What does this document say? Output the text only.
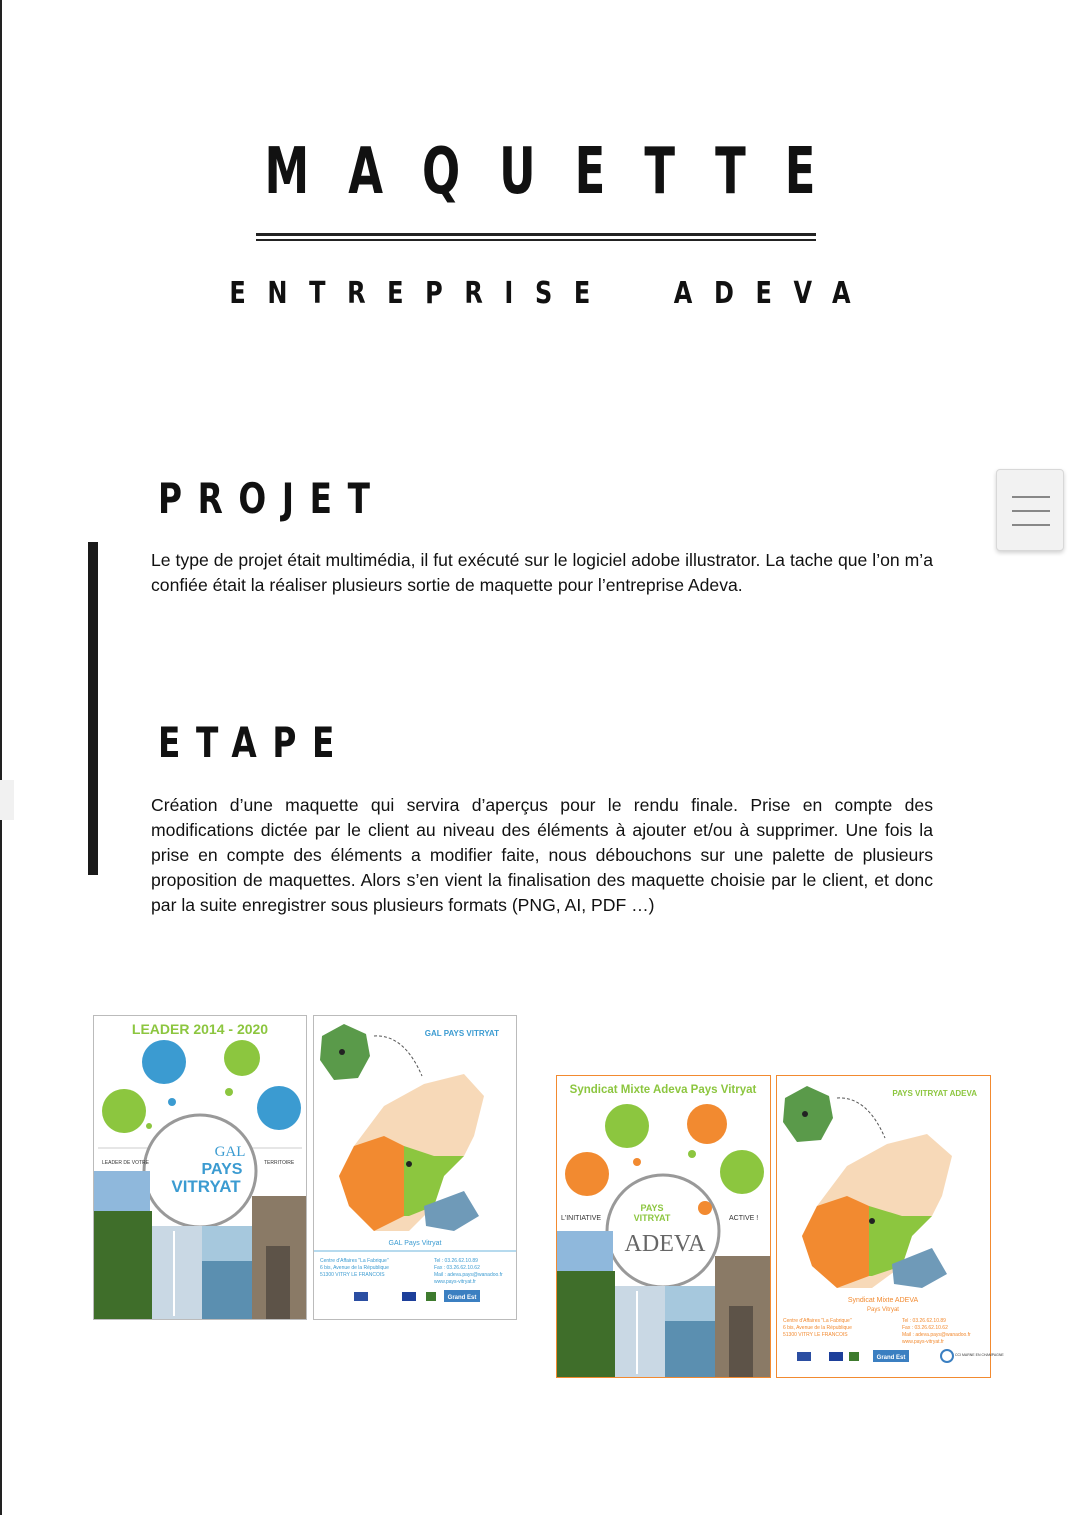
MAQUETTE
ENTREPRISE ADEVA
PROJET
Le type de projet était multimédia, il fut exécuté sur le logiciel adobe illustrator. La tache que l’on m’a confiée était la réaliser plusieurs sortie de maquette pour l’entreprise Adeva.
ETAPE
Création d’une maquette qui servira d’aperçus pour le rendu finale. Prise en compte des modifications dictée par le client au niveau des éléments à ajouter et/ou à supprimer. Une fois la prise en compte des éléments a modifier faite, nous débouchons sur une palette de plusieurs proposition de maquettes. Alors s’en vient la finalisation des maquette choisie par le client, et donc par la suite enregistrer sous plusieurs formats (PNG, AI, PDF …)
LEADER 2014 - 2020
GAL
PAYS
VITRYAT
LEADER DE VOTRE	TERRITOIRE
GAL PAYS VITRYAT
GAL Pays Vitryat
Centre d'Affaires "La Fabrique"
6 bis, Avenue de la République
51300 VITRY LE FRANCOIS
Tel : 03.26.62.10.89
Fax : 03.26.62.10.62
Mail : adeva.pays@wanadoo.fr
www.pays-vitryat.fr
Grand Est
Syndicat Mixte Adeva Pays Vitryat
PAYS
VITRYAT
ADEVA
L'INITIATIVE	ACTIVE !
PAYS VITRYAT ADEVA
Syndicat Mixte ADEVA
Pays Vitryat
Centre d'Affaires "La Fabrique"
6 bis, Avenue de la République
51300 VITRY LE FRANCOIS
Tel : 03.26.62.10.89
Fax : 03.26.62.10.62
Mail : adeva.pays@wanadoo.fr
www.pays-vitryat.fr
Grand Est	CCI MARNE EN CHAMPAGNE
